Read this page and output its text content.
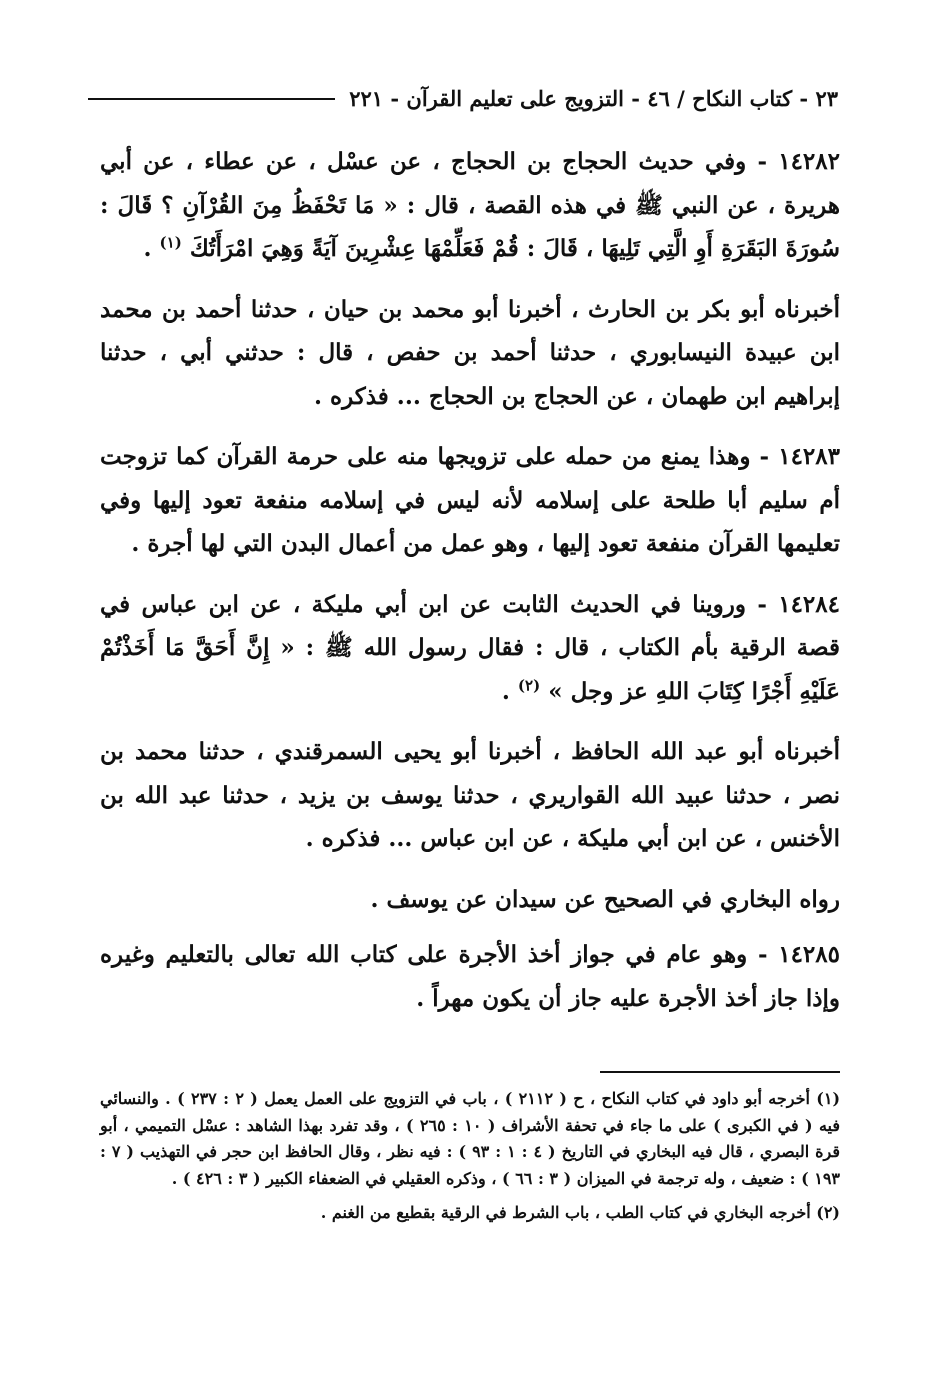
٢٣ - كتاب النكاح / ٤٦ - التزويج على تعليم القرآن - ٢٢١

١٤٢٨٢ - وفي حديث الحجاج بن الحجاج ، عن عسْل ، عن عطاء ، عن أبي هريرة ، عن النبي ﷺ في هذه القصة ، قال : « مَا تَحْفَظُ مِنَ القُرْآنِ ؟ قَالَ : سُورَةَ البَقَرَةِ أَوِ الَّتِي تَلِيهَا ، قَالَ : قُمْ فَعَلِّمْهَا عِشْرِينَ آيَةً وَهِيَ امْرَأَتُكَ $^{(١)}$ .

أخبرناه أبو بكر بن الحارث ، أخبرنا أبو محمد بن حيان ، حدثنا أحمد بن محمد ابن عبيدة النيسابوري ، حدثنا أحمد بن حفص ، قال : حدثني أبي ، حدثنا إبراهيم ابن طهمان ، عن الحجاج بن الحجاج ... فذكره .

١٤٢٨٣ - وهذا يمنع من حمله على تزويجها منه على حرمة القرآن كما تزوجت أم سليم أبا طلحة على إسلامه لأنه ليس في إسلامه منفعة تعود إليها وفي تعليمها القرآن منفعة تعود إليها ، وهو عمل من أعمال البدن التي لها أجرة .

١٤٢٨٤ - وروينا في الحديث الثابت عن ابن أبي مليكة ، عن ابن عباس في قصة الرقية بأم الكتاب ، قال : فقال رسول الله ﷺ : « إِنَّ أَحَقَّ مَا أَخَذْتُمْ عَلَيْهِ أَجْرًا كِتَابَ اللهِ عز وجل » $^{(٢)}$ .

أخبرناه أبو عبد الله الحافظ ، أخبرنا أبو يحيى السمرقندي ، حدثنا محمد بن نصر ، حدثنا عبيد الله القواريري ، حدثنا يوسف بن يزيد ، حدثنا عبد الله بن الأخنس ، عن ابن أبي مليكة ، عن ابن عباس ... فذكره .

رواه البخاري في الصحيح عن سيدان عن يوسف .

١٤٢٨٥ - وهو عام في جواز أخذ الأجرة على كتاب الله تعالى بالتعليم وغيره وإذا جاز أخذ الأجرة عليه جاز أن يكون مهراً .

(١) أخرجه أبو داود في كتاب النكاح ، ح ( ٢١١٢ ) ، باب في التزويج على العمل يعمل ( ٢ : ٢٣٧ ) . والنسائي فيه ( في الكبرى ) على ما جاء في تحفة الأشراف ( ١٠ : ٢٦٥ ) ، وقد تفرد بهذا الشاهد : عسْل التميمي ، أبو قرة البصري ، قال فيه البخاري في التاريخ ( ٤ : ١ : ٩٣ ) : فيه نظر ، وقال الحافظ ابن حجر في التهذيب ( ٧ : ١٩٣ ) : ضعيف ، وله ترجمة في الميزان ( ٣ : ٦٦ ) ، وذكره العقيلي في الضعفاء الكبير ( ٣ : ٤٢٦ ) .

(٢) أخرجه البخاري في كتاب الطب ، باب الشرط في الرقية بقطيع من الغنم .
